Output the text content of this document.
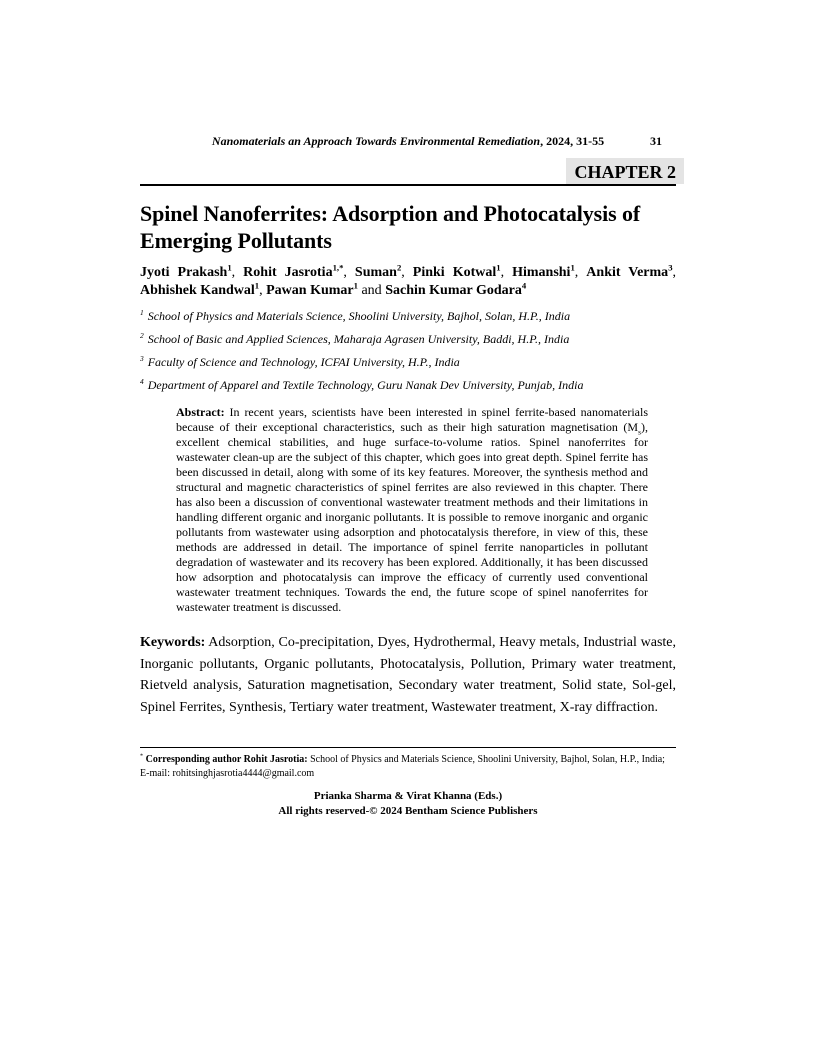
Nanomaterials an Approach Towards Environmental Remediation, 2024, 31-55	31
CHAPTER 2
Spinel Nanoferrites: Adsorption and Photocatalysis of Emerging Pollutants

Jyoti Prakash$^1$, Rohit Jasrotia$^{1,*}$, Suman$^2$, Pinki Kotwal$^1$, Himanshi$^1$, Ankit Verma$^3$, Abhishek Kandwal$^1$, Pawan Kumar$^1$ and Sachin Kumar Godara$^4$

$^1$ School of Physics and Materials Science, Shoolini University, Bajhol, Solan, H.P., India
$^2$ School of Basic and Applied Sciences, Maharaja Agrasen University, Baddi, H.P., India
$^3$ Faculty of Science and Technology, ICFAI University, H.P., India
$^4$ Department of Apparel and Textile Technology, Guru Nanak Dev University, Punjab, India
Abstract: In recent years, scientists have been interested in spinel ferrite-based nanomaterials because of their exceptional characteristics, such as their high saturation magnetisation $(M_s)$, excellent chemical stabilities, and huge surface-to-volume ratios. Spinel nanoferrites for wastewater clean-up are the subject of this chapter, which goes into great depth. Spinel ferrite has been discussed in detail, along with some of its key features. Moreover, the synthesis method and structural and magnetic characteristics of spinel ferrites are also reviewed in this chapter. There has also been a discussion of conventional wastewater treatment methods and their limitations in handling different organic and inorganic pollutants. It is possible to remove inorganic and organic pollutants from wastewater using adsorption and photocatalysis therefore, in view of this, these methods are addressed in detail. The importance of spinel ferrite nanoparticles in pollutant degradation of wastewater and its recovery has been explored. Additionally, it has been discussed how adsorption and photocatalysis can improve the efficacy of currently used conventional wastewater treatment techniques. Towards the end, the future scope of spinel nanoferrites for wastewater treatment is discussed.

Keywords: Adsorption, Co-precipitation, Dyes, Hydrothermal, Heavy metals, Industrial waste, Inorganic pollutants, Organic pollutants, Photocatalysis, Pollution, Primary water treatment, Rietveld analysis, Saturation magnetisation, Secondary water treatment, Solid state, Sol-gel, Spinel Ferrites, Synthesis, Tertiary water treatment, Wastewater treatment, X-ray diffraction.

* Corresponding author Rohit Jasrotia: School of Physics and Materials Science, Shoolini University, Bajhol, Solan, H.P., India; E-mail: rohitsinghjasrotia4444@gmail.com
Prianka Sharma & Virat Khanna (Eds.)
All rights reserved-© 2024 Bentham Science Publishers
